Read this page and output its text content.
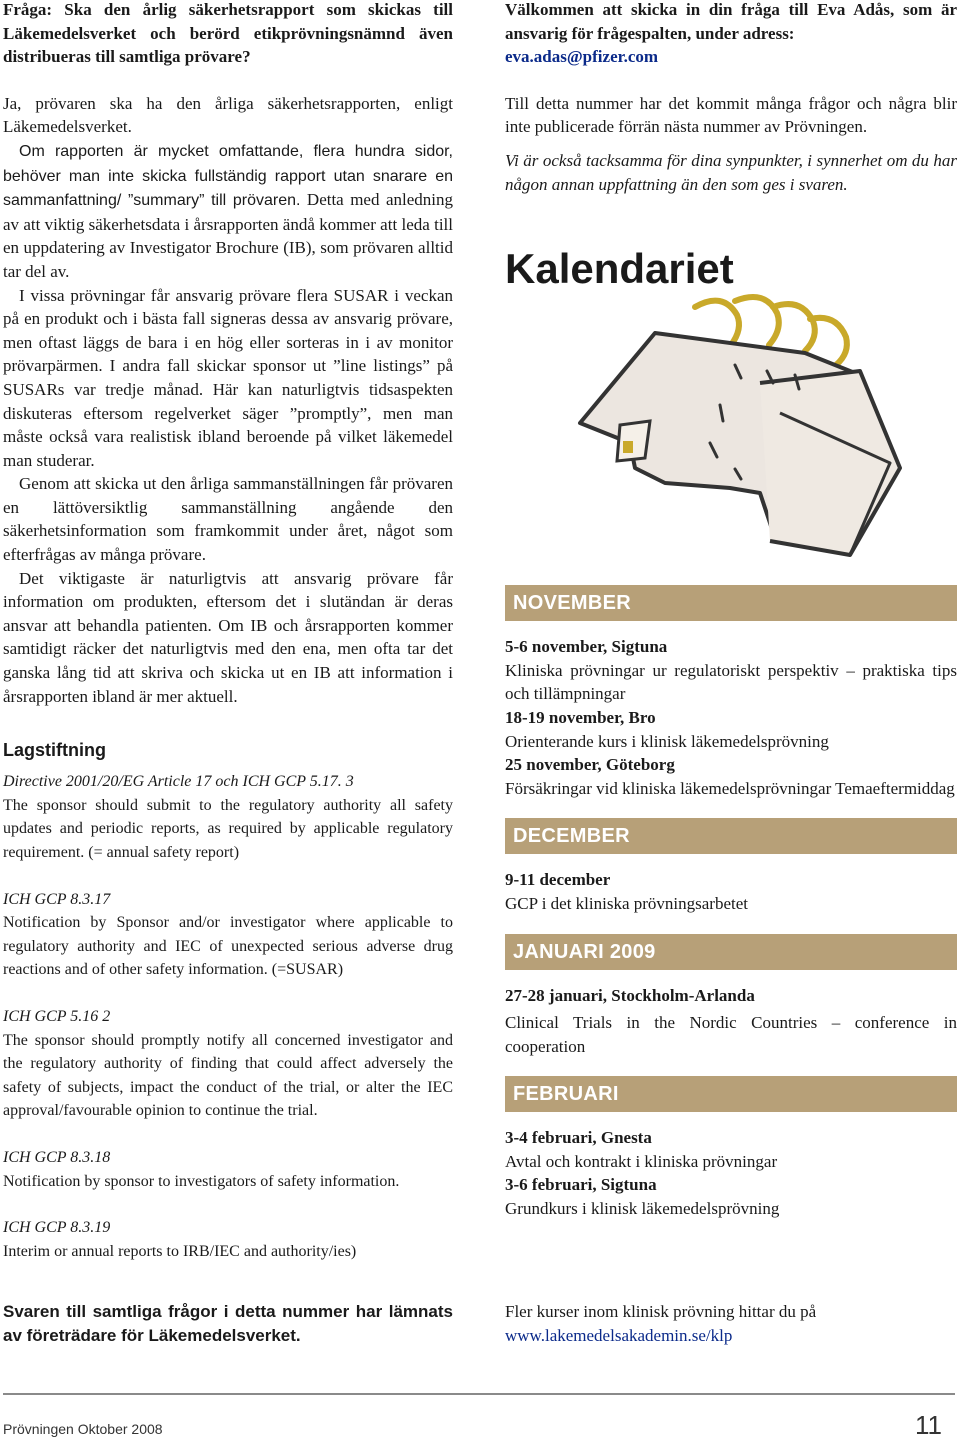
Fråga: Ska den årlig säkerhetsrapport som skickas till Läkemedelsverket och berörd etikprövningsnämnd även distribueras till samtliga prövare?

Ja, prövaren ska ha den årliga säkerhetsrapporten, enligt Läkemedelsverket.

Om rapporten är mycket omfattande, flera hundra sidor, behöver man inte skicka fullständig rapport utan snarare en sammanfattning/ ”summary” till prövaren. Detta med anledning av att viktig säkerhetsdata i årsrapporten ändå kommer att leda till en uppdatering av Investigator Brochure (IB), som prövaren alltid tar del av.

I vissa prövningar får ansvarig prövare flera SUSAR i veckan på en produkt och i bästa fall signeras dessa av ansvarig prövare, men oftast läggs de bara i en hög eller sorteras in i av monitor prövarpärmen. I andra fall skickar sponsor ut ”line listings” på SUSARs var tredje månad. Här kan naturligtvis tidsaspekten diskuteras eftersom regelverket säger ”promptly”, men man måste också vara realistisk ibland beroende på vilket läkemedel man studerar.

Genom att skicka ut den årliga sammanställningen får prövaren en lättöversiktlig sammanställning angående den säkerhetsinformation som framkommit under året, något som efterfrågas av många prövare.

Det viktigaste är naturligtvis att ansvarig prövare får information om produkten, eftersom det i slutändan är deras ansvar att behandla patienten. Om IB och årsrapporten kommer samtidigt räcker det naturligtvis med den ena, men ofta tar det ganska lång tid att skriva och skicka ut en IB att information i årsrapporten ibland är mer aktuell.

Lagstiftning

Directive 2001/20/EG Article 17 och ICH GCP 5.17. 3

The sponsor should submit to the regulatory authority all safety updates and periodic reports, as required by applicable regulatory requirement. (= annual safety report)

ICH GCP 8.3.17

Notification by Sponsor and/or investigator where applicable to regulatory authority and IEC of unexpected serious adverse drug reactions and of other safety information. (=SUSAR)

ICH GCP 5.16 2

The sponsor should promptly notify all concerned investigator and the regulatory authority of finding that could affect adversely the safety of subjects, impact the conduct of the trial, or alter the IEC approval/favourable opinion to continue the trial.

ICH GCP 8.3.18

Notification by sponsor to investigators of safety information.

ICH GCP 8.3.19

Interim or annual reports to IRB/IEC and authority/ies)

Svaren till samtliga frågor i detta nummer har lämnats av företrädare för Läkemedelsverket.

Välkommen att skicka in din fråga till Eva Adås, som är ansvarig för frågespalten, under adress:

eva.adas@pfizer.com

Till detta nummer har det kommit många frågor och några blir inte publicerade förrän nästa nummer av Prövningen.

Vi är också tacksamma för dina synpunkter, i synnerhet om du har någon annan uppfattning än den som ges i svaren.

Kalendariet
NOVEMBER

5-6 november, Sigtuna

Kliniska prövningar ur regulatoriskt perspektiv – praktiska tips och tillämpningar

18-19 november, Bro

Orienterande kurs i klinisk läkemedelsprövning

25 november, Göteborg

Försäkringar vid kliniska läkemedelsprövningar Temaeftermiddag

DECEMBER

9-11 december

GCP i det kliniska prövningsarbetet

JANUARI 2009

27-28 januari, Stockholm-Arlanda

Clinical Trials in the Nordic Countries – conference in cooperation

FEBRUARI

3-4 februari, Gnesta

Avtal och kontrakt i kliniska prövningar

3-6 februari, Sigtuna

Grundkurs i klinisk läkemedelsprövning

Fler kurser inom klinisk prövning hittar du på

www.lakemedelsakademin.se/klp

Prövningen Oktober 2008	11
